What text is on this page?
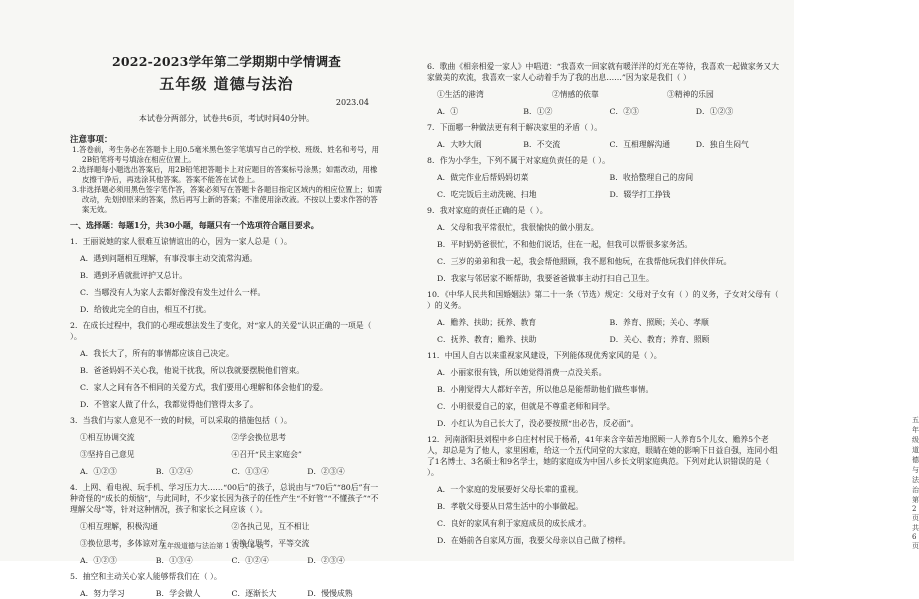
2022-2023学年第二学期期中学情调查
五年级 道德与法治
2023.04
本试卷分两部分，试卷共6页，考试时间40分钟。
注意事项：
1.答卷前，考生务必在答题卡上用0.5毫米黑色签字笔填写自己的学校、班级、姓名和考号，用2B铅笔将考号填涂在相应位置上。
2.选择题每小题选出答案后，用2B铅笔把答题卡上对应题目的答案标号涂黑；如需改动，用橡皮擦干净后，再选涂其他答案。答案不能答在试卷上。
3.非选择题必须用黑色签字笔作答，答案必须写在答题卡各题目指定区域内的相应位置上；如需改动，先划掉原来的答案，然后再写上新的答案；不准使用涂改液。不按以上要求作答的答案无效。
一、选择题：每题1分，共30小题，每题只有一个选项符合题目要求。
1．王丽说她的家人很难互谅情谊出的心，因为一家人总是（ ）。
A．遇到问题相互理解，有事没事主动交流常沟通。
B．遇到矛盾就批评护又总计。
C．当哪没有人为家人去都好像没有发生过什么一样。
D．给彼此完全的自由，相互不打扰。
2．在成长过程中，我们的心理或想法发生了变化，对“家人的关爱”认识正确的一项是（ ）。
A．我长大了，所有的事情都应该自己决定。
B．爸爸妈妈不关心我，他说干扰我，所以我就要摆脱他们管束。
C．家人之间有各不相同的关爱方式，我们要用心理解和体会他们的爱。
D．不管家人做了什么，我都觉得他们管得太多了。
3．当我们与家人意见不一致的时候，可以采取的措施包括（ ）。
①相互协调交流	②学会换位思考
③坚持自己意见	④召开“民主家庭会”
A．①②③	B．①②④	C．①③④	D．②③④
4．上网、看电视、玩手机、学习压力大……“00后”的孩子，总说由与“70后”“80后”有一种奇怪的“成长的烦恼”，与此同时，不少家长因为孩子的任性产生“不好管”“不懂孩子”“不理解父母”等，针对这种情况，孩子和家长之间应该（ ）。
①相互理解，积极沟通	②各执己见，互不相让
③换位思考，多体谅对方	④换位思考，平等交流
A．①②③	B．①③④	C．①②④	D．②③④
5．抽空和主动关心家人能够帮我们在（ ）。
A．努力学习	B．学会做人	C．逐渐长大	D．慢慢成熟
五年级道德与法治第 1 页 共 6 页
6．歌曲《相亲相爱一家人》中唱道：“我喜欢一回家就有暖洋洋的灯光在等待，我喜欢一起做家务又大家做美的欢流，我喜欢一家人心动着手为了我的出息……”因为家是我们（ ）
①生活的港湾	②情感的依靠	③精神的乐园
A．①	B．①②	C．②③	D．①②③
7．下面哪一种做法更有利于解决家里的矛盾（ ）。
A．大吵大闹	B．不交流	C．互相理解沟通	D．独自生闷气
8．作为小学生，下列不属于对家庭负责任的是（ ）。
A．做完作业后帮妈妈切菜	B．收拾整理自己的房间
C．吃完饭后主动洗碗、扫地	D．辍学打工挣钱
9．我对家庭的责任正确的是（ ）。
A．父母和我平常很忙，我很愉快的做小朋友。
B．平时奶奶爸很忙，不和他们说话，住在一起，但我可以帮很多家务活。
C．三岁的弟弟和我一起，我会帮他照顾，我不愿和他玩，在我帮他玩我们伴伙伴玩。
D．我家与邻居家不断帮助，我要爸爸做事主动打扫自己卫生。
10．《中华人民共和国婚姻法》第二十一条（节选）规定：父母对子女有（ ）的义务，子女对父母有（ ）的义务。
A．赡养、扶助；抚养、教育	B．养育、照顾；关心、孝顺
C．抚养、教育；赡养、扶助	D．关心、教育；养育、照顾
11．中国人自古以来重视家风建设，下列能体现优秀家风的是（ ）。
A．小丽家很有钱，所以她觉得消费一点没关系。
B．小刚觉得大人都好辛苦，所以他总是能帮助他们做些事情。
C．小明很爱自己的家，但就是不尊重老师和同学。
D．小红认为自己长大了，没必要按照“出必告，反必面”。
12．河南浙阳县刘程中乡白庄村村民于杨希，41年来含辛茹苦地照顾一人养育5个儿女、赡养5个老人，却总是为了他人，家里困难，给这一个五代同堂的大家庭，眼睛在她的影响下日益自强，连同小组了1名博士、3名硕士和9名学士，她的家庭成为中国八乡长文明家庭典范。下列对此认识错误的是（ ）。
A．一个家庭的发展要好父母长辈的重视。
B．孝敬父母要从日常生活中的小事做起。
C．良好的家风有利于家庭成员的成长成才。
D．在婚前各自家风方面，我要父母亲以自己做了榜样。
五年级道德与法治第 2 页 共 6 页
